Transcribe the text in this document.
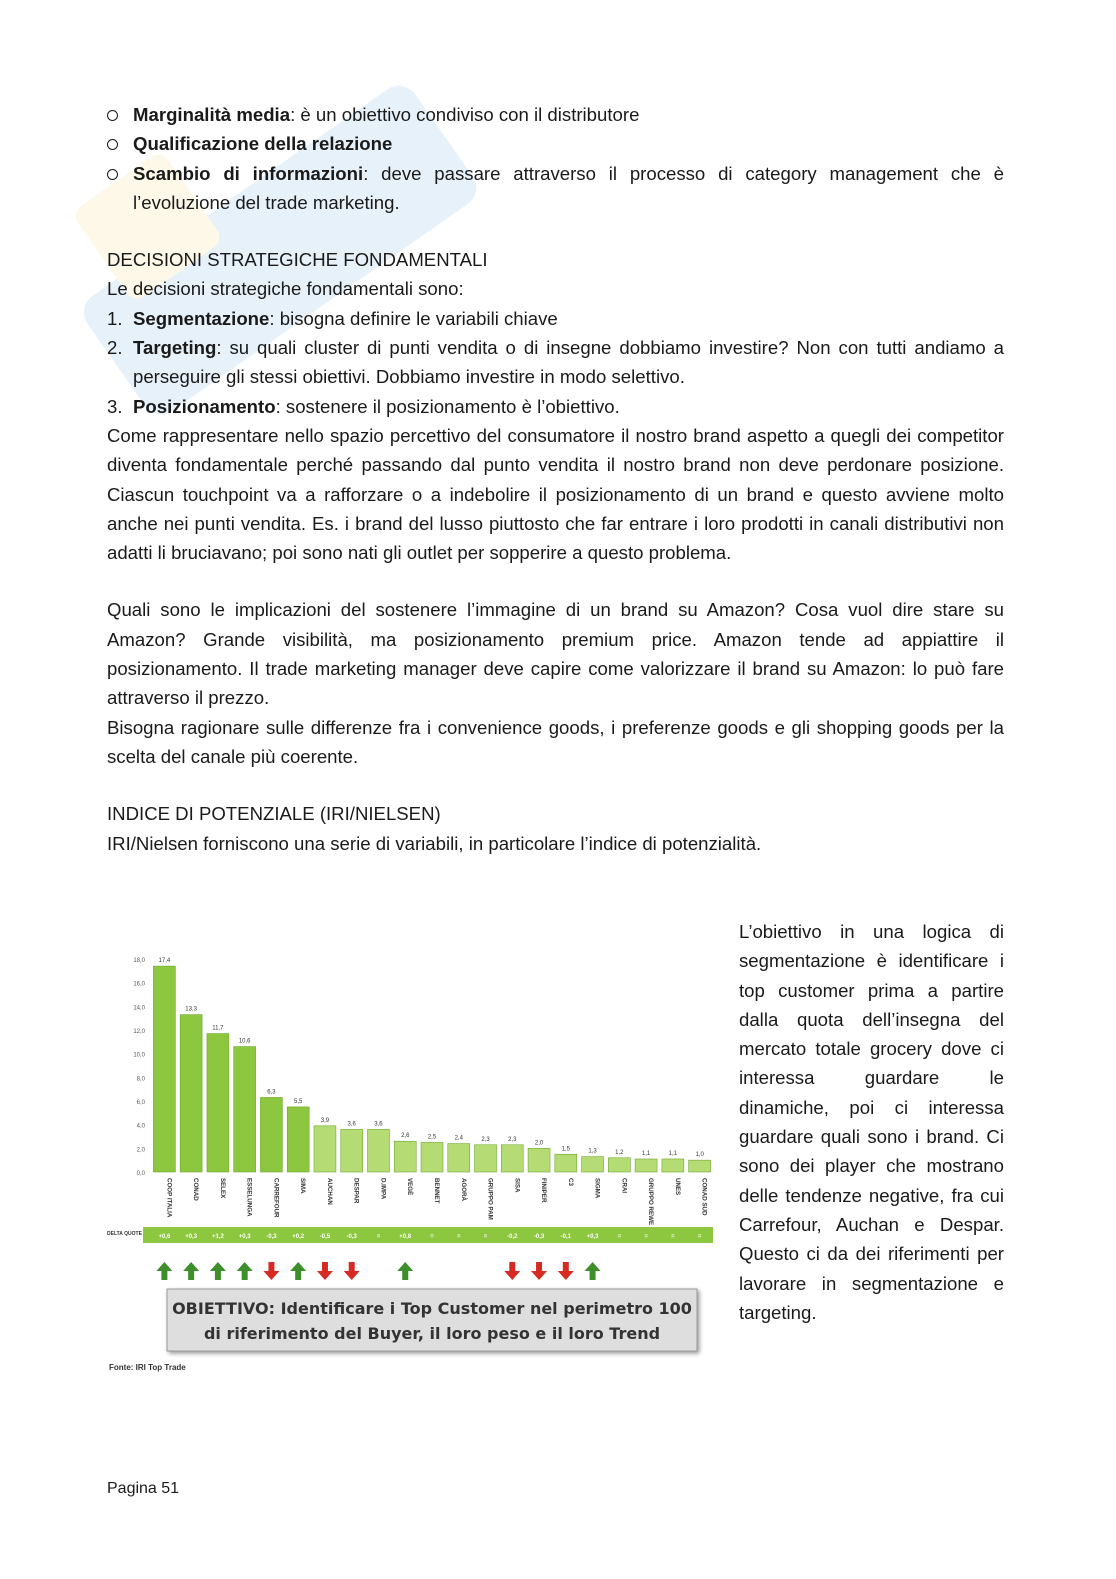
Marginalità media: è un obiettivo condiviso con il distributore
Qualificazione della relazione
Scambio di informazioni: deve passare attraverso il processo di category management che è l’evoluzione del trade marketing.

DECISIONI STRATEGICHE FONDAMENTALI

Le decisioni strategiche fondamentali sono:

1. Segmentazione: bisogna definire le variabili chiave
2. Targeting: su quali cluster di punti vendita o di insegne dobbiamo investire? Non con tutti andiamo a perseguire gli stessi obiettivi. Dobbiamo investire in modo selettivo.
3. Posizionamento: sostenere il posizionamento è l’obiettivo.

Come rappresentare nello spazio percettivo del consumatore il nostro brand aspetto a quegli dei competitor diventa fondamentale perché passando dal punto vendita il nostro brand non deve perdonare posizione. Ciascun touchpoint va a rafforzare o a indebolire il posizionamento di un brand e questo avviene molto anche nei punti vendita. Es. i brand del lusso piuttosto che far entrare i loro prodotti in canali distributivi non adatti li bruciavano; poi sono nati gli outlet per sopperire a questo problema.

Quali sono le implicazioni del sostenere l’immagine di un brand su Amazon? Cosa vuol dire stare su Amazon? Grande visibilità, ma posizionamento premium price. Amazon tende ad appiattire il posizionamento. Il trade marketing manager deve capire come valorizzare il brand su Amazon: lo può fare attraverso il prezzo.

Bisogna ragionare sulle differenze fra i convenience goods, i preferenze goods e gli shopping goods per la scelta del canale più coerente.

INDICE DI POTENZIALE (IRI/NIELSEN)

IRI/Nielsen forniscono una serie di variabili, in particolare l’indice di potenzialità.

18,0
16,0
14,0
12,0
10,0
8,0
6,0
4,0
2,0
0,0
17,4
COOP ITALIA
13,3
CONAD
11,7
SELEX
10,6
ESSELUNGA
6,3
CARREFOUR
5,5
SIMA
3,9
AUCHAN
3,6
DESPAR
3,6
D.IMPA
2,6
VEGÈ
2,5
BENNET
2,4
AGORÀ
2,3
GRUPPO PAM
2,3
SISA
2,0
FINIPER
1,5
C3
1,3
SIGMA
1,2
CRAI
1,1
GRUPPO REWE
1,1
UNES
1,0
CONAD SUD
DELTA QUOTE	+0,6 +0,3 +1,2 +0,3	-0,3	+0,2	-0,5	-0,3	=	+0,8	=	=	=	-0,2	-0,3	-0,1	+0,3	=	=	=	=
OBIETTIVO: Identificare i Top Customer nel perimetro 100
di riferimento del Buyer, il loro peso e il loro Trend
Fonte: IRI Top Trade

L’obiettivo in una logica di segmentazione è identificare i top customer prima a partire dalla quota dell’insegna del mercato totale grocery dove ci interessa guardare le dinamiche, poi ci interessa guardare quali sono i brand. Ci sono dei player che mostrano delle tendenze negative, fra cui Carrefour, Auchan e Despar. Questo ci da dei riferimenti per lavorare in segmentazione e targeting.

Pagina 51
